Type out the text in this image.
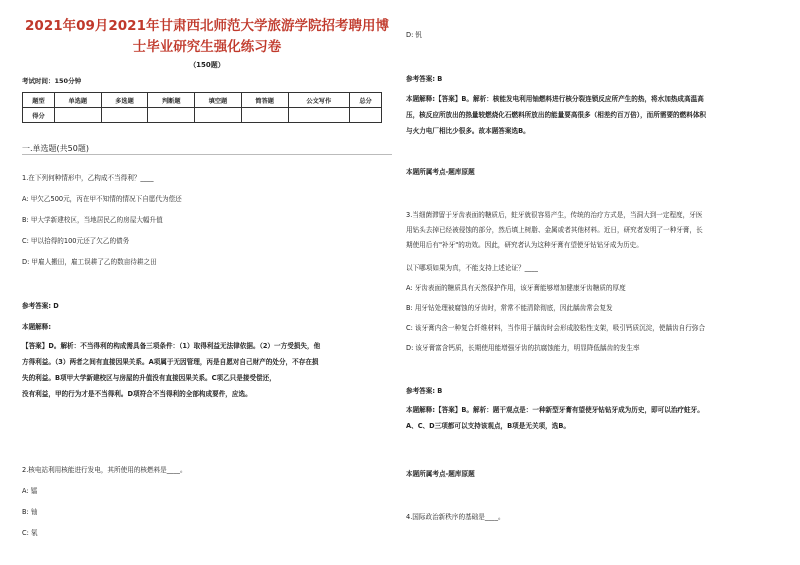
2021年09月2021年甘肃西北师范大学旅游学院招考聘用博
士毕业研究生强化练习卷
（150题）
考试时间：150分钟
题型	单选题	多选题	判断题	填空题	简答题	公文写作	总分
得分							
一.单选题(共50题)
1.在下列何种情形中，乙构成不当得利？____
A: 甲欠乙500元，丙在甲不知情的情况下自愿代为偿还
B: 甲大学新建校区，当地居民乙的房屋大幅升值
C: 甲以拾得的100元还了欠乙的债务
D: 甲雇人搬田，雇工误耕了乙的数亩待耕之田
参考答案: D
本题解释:
【答案】D。解析：不当得利的构成需具备三项条件：（1）取得利益无法律依据。（2）一方受损失，他
方得利益。（3）两者之间有直接因果关系。A项属于无因管理，丙是自愿对自己财产的处分，不存在损
失的利益。B项甲大学新建校区与房屋的升值没有直接因果关系。C项乙只是接受偿还，
没有利益，甲的行为才是不当得利。D项符合不当得利的全部构成要件，应选。
2.核电站利用核能进行发电，其所使用的核燃料是____。
A: 镭
B: 铀
C: 氡
D: 钒
参考答案: B
本题解释:【答案】B。解析：核能发电利用铀燃料进行核分裂连锁反应所产生的热，将水加热成高温高
压，核反应所放出的热量较燃烧化石燃料所放出的能量要高很多（相差约百万倍），而所需要的燃料体积
与火力电厂相比少很多。故本题答案选B。
本题所属考点-题库原题
3.当细菌滞留于牙齿表面的糖质后，蛀牙就很容易产生，传统的治疗方式是，当洞大到一定程度，牙医
用钻头去掉已经被侵蚀的部分，然后填上树脂、金属或者其他材料。近日，研究者发明了一种牙膏，长
期使用后有"补牙"的功效。因此，研究者认为这种牙膏有望使牙钻钻牙成为历史。
以下哪项如果为真，不能支持上述论证？____
A: 牙齿表面的糖质具有天然保护作用，该牙膏能够增加健康牙齿糖质的厚度
B: 用牙钻处理被腐蚀的牙齿时，常常不能清除彻底，因此龋齿常会复发
C: 该牙膏内含一种复合纤维材料，当作用于龋齿时会形成胶粘性支架，吸引钙质沉淀，使龋齿自行弥合
D: 该牙膏富含钙质，长期使用能增强牙齿的抗腐蚀能力，明显降低龋齿的发生率
参考答案: B
本题解释:【答案】B。解析：题干观点是：一种新型牙膏有望使牙钻钻牙成为历史，即可以治疗蛀牙。
A、C、D三项都可以支持该观点，B项是无关项，选B。
本题所属考点-题库原题
4.国际政治新秩序的基础是____。
